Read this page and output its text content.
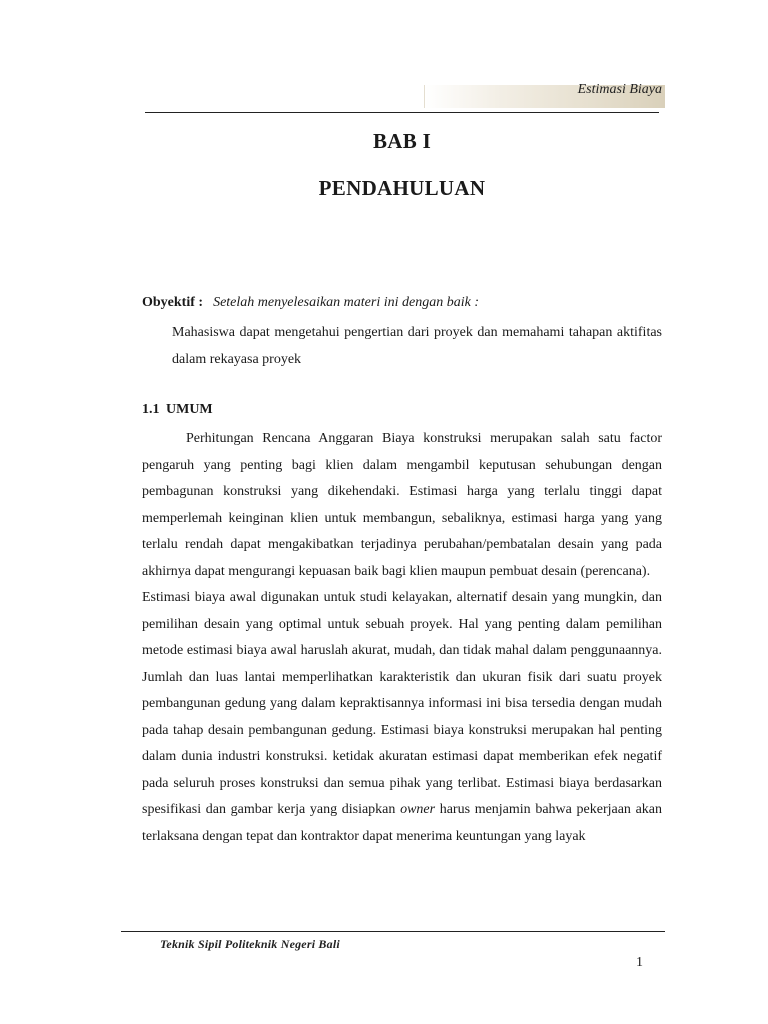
Estimasi Biaya
BAB I
PENDAHULUAN
Obyektif : Setelah menyelesaikan materi ini dengan baik :
Mahasiswa dapat mengetahui pengertian dari proyek dan memahami tahapan aktifitas dalam rekayasa proyek
1.1 UMUM

Perhitungan Rencana Anggaran Biaya konstruksi merupakan salah satu factor pengaruh yang penting bagi klien dalam mengambil keputusan sehubungan dengan pembagunan konstruksi yang dikehendaki. Estimasi harga yang terlalu tinggi dapat memperlemah keinginan klien untuk membangun, sebaliknya, estimasi harga yang yang terlalu rendah dapat mengakibatkan terjadinya perubahan/pembatalan desain yang pada akhirnya dapat mengurangi kepuasan baik bagi klien maupun pembuat desain (perencana).

Estimasi biaya awal digunakan untuk studi kelayakan, alternatif desain yang mungkin, dan pemilihan desain yang optimal untuk sebuah proyek. Hal yang penting dalam pemilihan metode estimasi biaya awal haruslah akurat, mudah, dan tidak mahal dalam penggunaannya. Jumlah dan luas lantai memperlihatkan karakteristik dan ukuran fisik dari suatu proyek pembangunan gedung yang dalam kepraktisannya informasi ini bisa tersedia dengan mudah pada tahap desain pembangunan gedung. Estimasi biaya konstruksi merupakan hal penting dalam dunia industri konstruksi. ketidak akuratan estimasi dapat memberikan efek negatif pada seluruh proses konstruksi dan semua pihak yang terlibat. Estimasi biaya berdasarkan spesifikasi dan gambar kerja yang disiapkan owner harus menjamin bahwa pekerjaan akan terlaksana dengan tepat dan kontraktor dapat menerima keuntungan yang layak

Teknik Sipil Politeknik Negeri Bali
1
